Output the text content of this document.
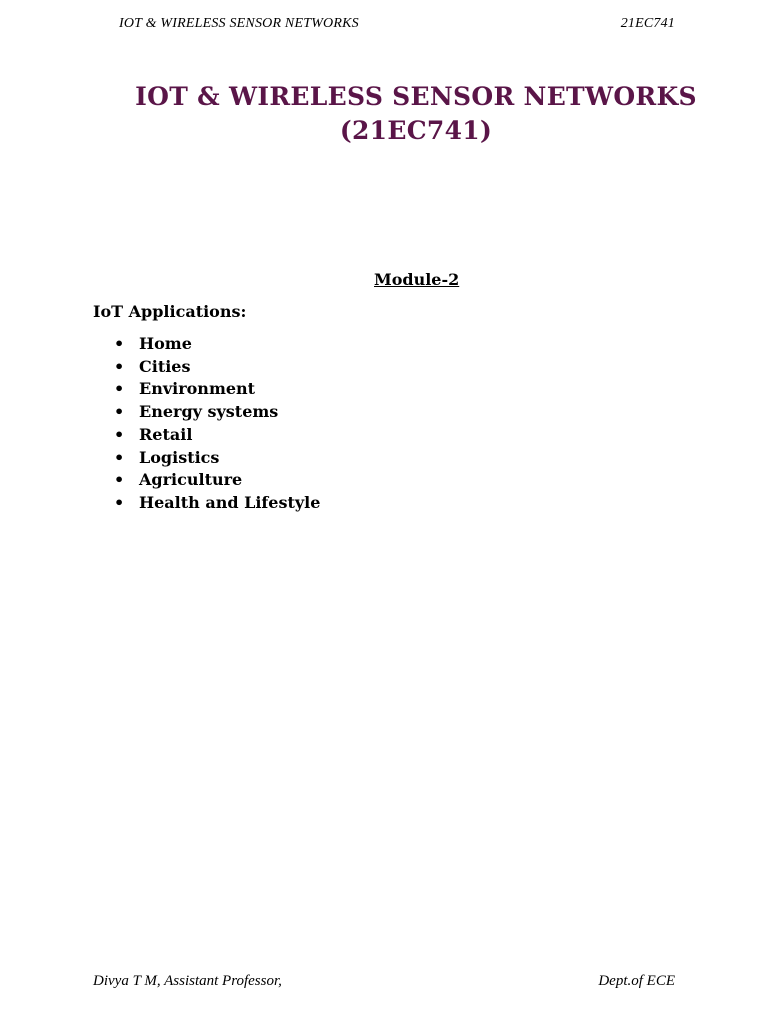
IOT & WIRELESS SENSOR NETWORKS	21EC741
IOT & WIRELESS SENSOR NETWORKS
(21EC741)
Module-2
IoT Applications:
• Home
• Cities
• Environment
• Energy systems
• Retail
• Logistics
• Agriculture
• Health and Lifestyle
Divya T M, Assistant Professor,	Dept.of ECE
